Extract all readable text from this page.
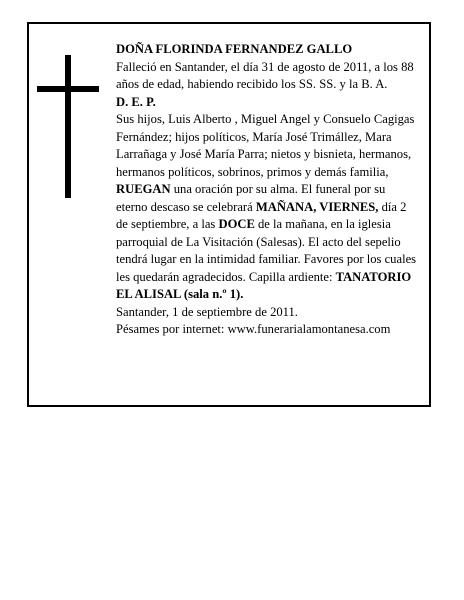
DOÑA FLORINDA FERNANDEZ GALLO

Falleció en Santander, el día 31 de agosto de 2011, a los 88 años de edad, habiendo recibido los SS. SS. y la B. A.

D. E. P.

Sus hijos, Luis Alberto , Miguel Angel y Consuelo Cagigas Fernández; hijos políticos, María José Trimállez, Mara Larrañaga y José María Parra; nietos y bisnieta, hermanos, hermanos políticos, sobrinos, primos y demás familia,

RUEGAN una oración por su alma. El funeral por su eterno descaso se celebrará MAÑANA, VIERNES, día 2 de septiembre, a las DOCE de la mañana, en la iglesia parroquial de La Visitación (Salesas). El acto del sepelio tendrá lugar en la intimidad familiar. Favores por los cuales les quedarán agradecidos. Capilla ardiente: TANATORIO EL ALISAL (sala n.º 1).

Santander, 1 de septiembre de 2011.

Pésames por internet: www.funerarialamontanesa.com
